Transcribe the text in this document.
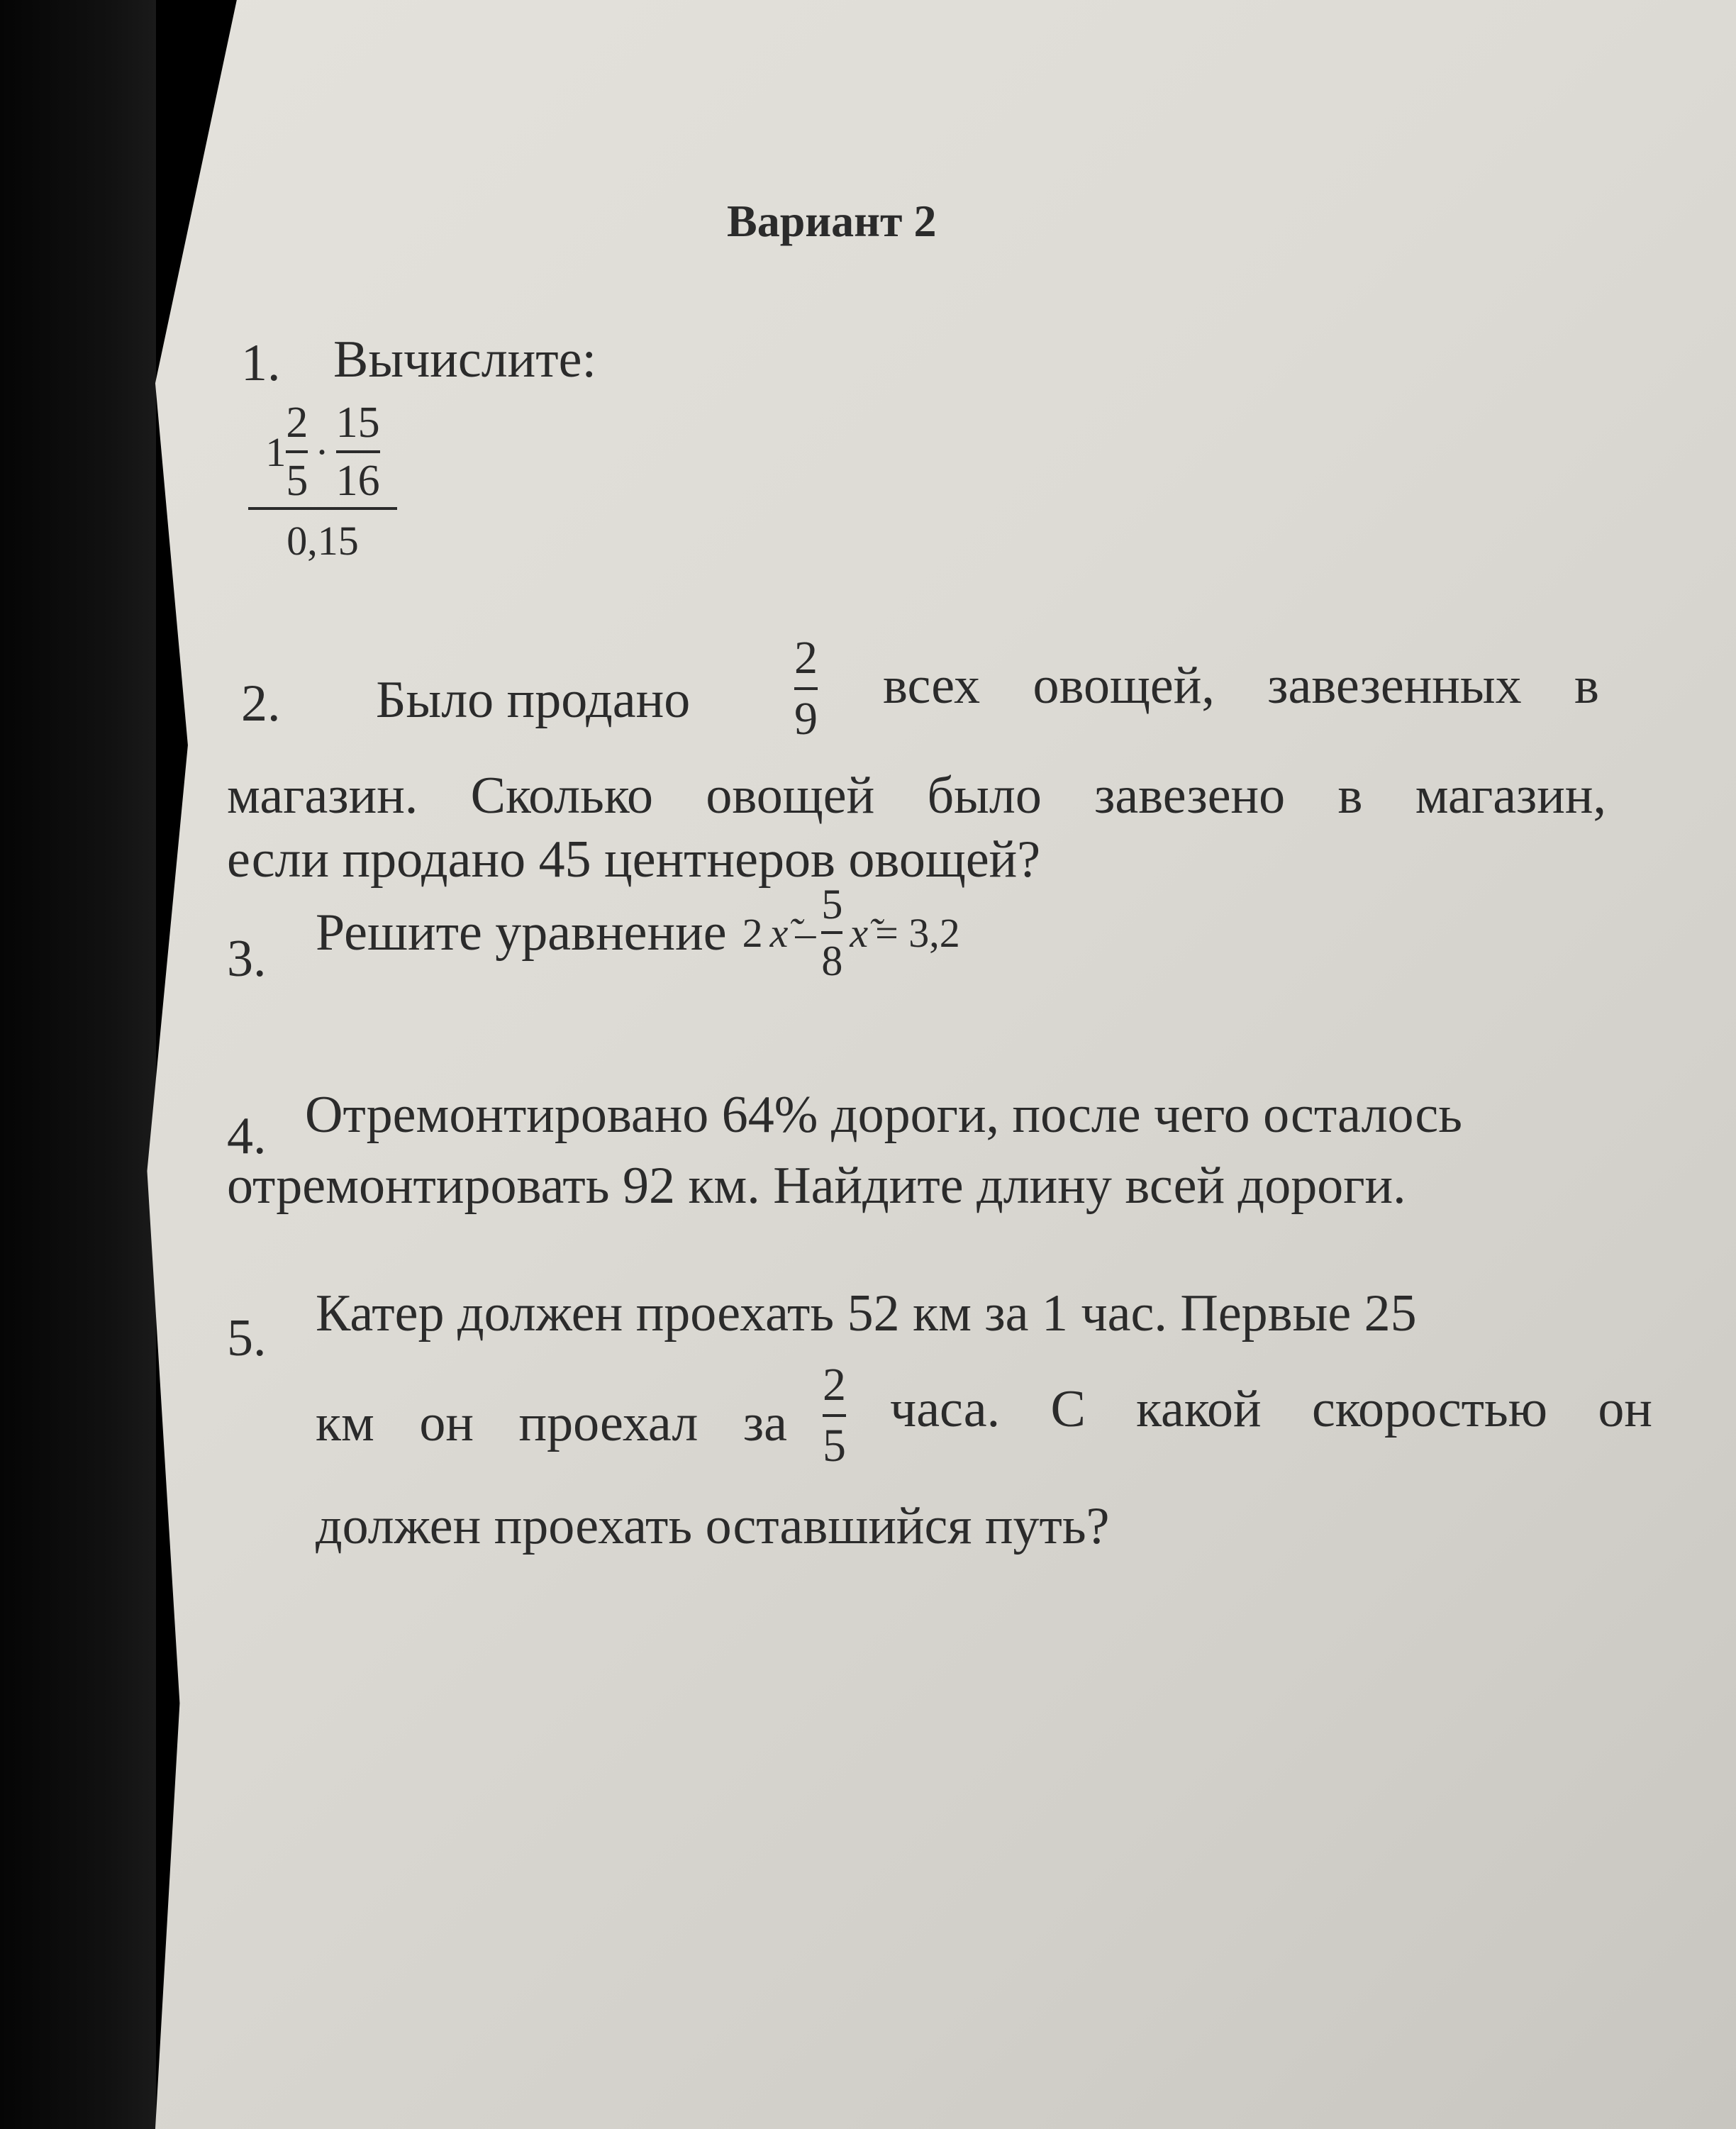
Вариант 2
1. Вычислите:
$1 \frac{2}{5} \cdot \frac{15}{16}$
0,15
2. Было продано
2
9
всех овощей, завезенных в
магазин. Сколько овощей было завезено в магазин,
если продано 45 центнеров овощей?
3. Решите уравнение 2 х̃ – $\frac{5}{8}$ х̃ = 3,2
4. Отремонтировано 64% дороги, после чего осталось
отремонтировать 92 км. Найдите длину всей дороги.
5. Катер должен проехать 52 км за 1 час. Первые 25
км он проехал за
2
5
часа. С какой скоростью он
должен проехать оставшийся путь?
